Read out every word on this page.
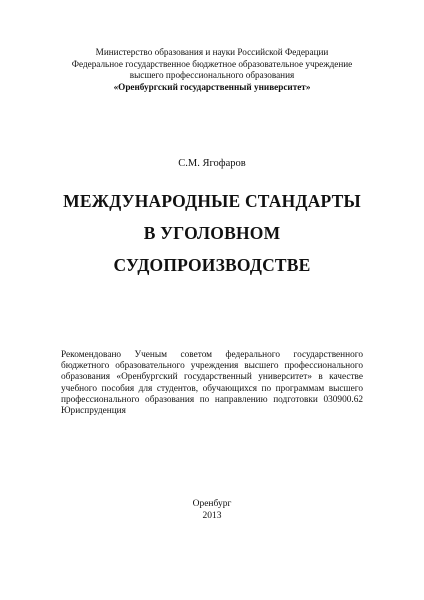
Министерство образования и науки Российской Федерации
Федеральное государственное бюджетное образовательное учреждение
высшего профессионального образования
«Оренбургский государственный университет»
С.М. Ягофаров
МЕЖДУНАРОДНЫЕ СТАНДАРТЫ
В УГОЛОВНОМ
СУДОПРОИЗВОДСТВЕ
Рекомендовано Ученым советом федерального государственного
бюджетного образовательного учреждения высшего профессионального
образования «Оренбургский государственный университет» в качестве
учебного пособия для студентов, обучающихся по программам высшего
профессионального образования по направлению подготовки 030900.62
Юриспруденция
Оренбург
2013
